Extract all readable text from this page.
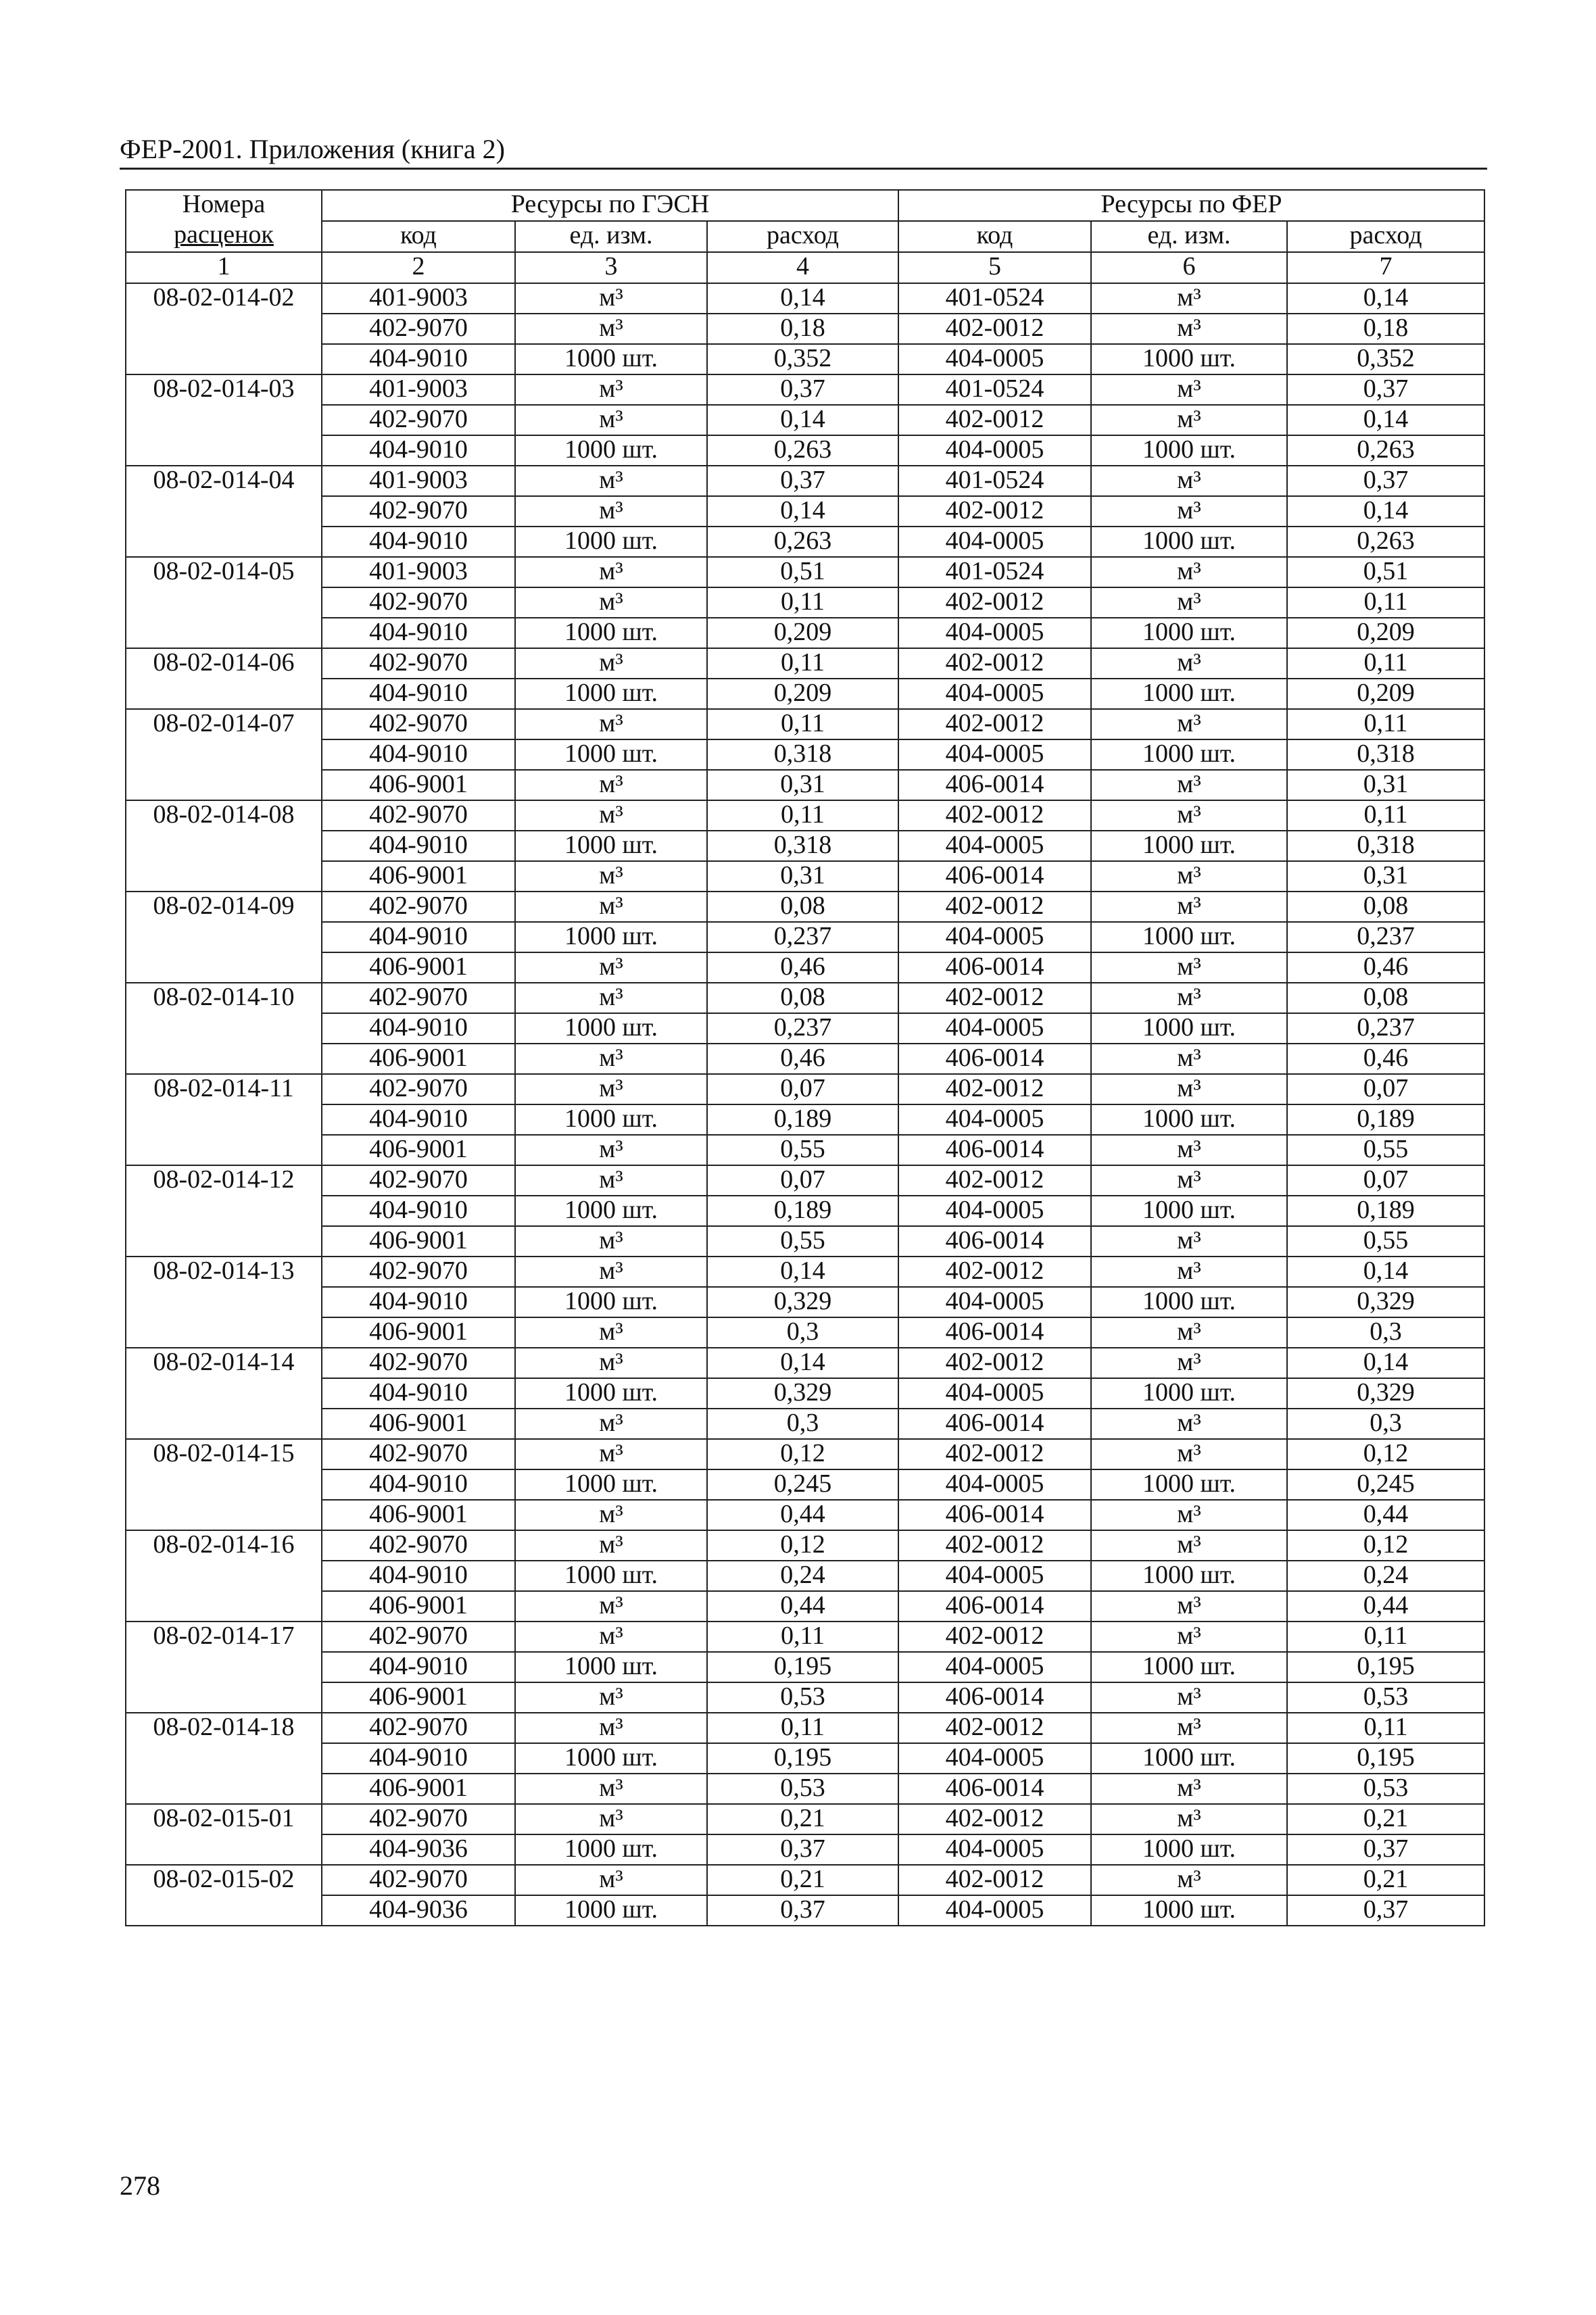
ФЕР-2001. Приложения (книга 2)
Номера	Ресурсы по ГЭСН			Ресурсы по ФЕР		
расценок	код	ед. изм.	расход	код	ед. изм.	расход
1	2	3	4	5	6	7
08-02-014-02	401-9003	м³	0,14	401-0524	м³	0,14
	402-9070	м³	0,18	402-0012	м³	0,18
	404-9010	1000 шт.	0,352	404-0005	1000 шт.	0,352
08-02-014-03	401-9003	м³	0,37	401-0524	м³	0,37
	402-9070	м³	0,14	402-0012	м³	0,14
	404-9010	1000 шт.	0,263	404-0005	1000 шт.	0,263
08-02-014-04	401-9003	м³	0,37	401-0524	м³	0,37
	402-9070	м³	0,14	402-0012	м³	0,14
	404-9010	1000 шт.	0,263	404-0005	1000 шт.	0,263
08-02-014-05	401-9003	м³	0,51	401-0524	м³	0,51
	402-9070	м³	0,11	402-0012	м³	0,11
	404-9010	1000 шт.	0,209	404-0005	1000 шт.	0,209
08-02-014-06	402-9070	м³	0,11	402-0012	м³	0,11
	404-9010	1000 шт.	0,209	404-0005	1000 шт.	0,209
08-02-014-07	402-9070	м³	0,11	402-0012	м³	0,11
	404-9010	1000 шт.	0,318	404-0005	1000 шт.	0,318
	406-9001	м³	0,31	406-0014	м³	0,31
08-02-014-08	402-9070	м³	0,11	402-0012	м³	0,11
	404-9010	1000 шт.	0,318	404-0005	1000 шт.	0,318
	406-9001	м³	0,31	406-0014	м³	0,31
08-02-014-09	402-9070	м³	0,08	402-0012	м³	0,08
	404-9010	1000 шт.	0,237	404-0005	1000 шт.	0,237
	406-9001	м³	0,46	406-0014	м³	0,46
08-02-014-10	402-9070	м³	0,08	402-0012	м³	0,08
	404-9010	1000 шт.	0,237	404-0005	1000 шт.	0,237
	406-9001	м³	0,46	406-0014	м³	0,46
08-02-014-11	402-9070	м³	0,07	402-0012	м³	0,07
	404-9010	1000 шт.	0,189	404-0005	1000 шт.	0,189
	406-9001	м³	0,55	406-0014	м³	0,55
08-02-014-12	402-9070	м³	0,07	402-0012	м³	0,07
	404-9010	1000 шт.	0,189	404-0005	1000 шт.	0,189
	406-9001	м³	0,55	406-0014	м³	0,55
08-02-014-13	402-9070	м³	0,14	402-0012	м³	0,14
	404-9010	1000 шт.	0,329	404-0005	1000 шт.	0,329
	406-9001	м³	0,3	406-0014	м³	0,3
08-02-014-14	402-9070	м³	0,14	402-0012	м³	0,14
	404-9010	1000 шт.	0,329	404-0005	1000 шт.	0,329
	406-9001	м³	0,3	406-0014	м³	0,3
08-02-014-15	402-9070	м³	0,12	402-0012	м³	0,12
	404-9010	1000 шт.	0,245	404-0005	1000 шт.	0,245
	406-9001	м³	0,44	406-0014	м³	0,44
08-02-014-16	402-9070	м³	0,12	402-0012	м³	0,12
	404-9010	1000 шт.	0,24	404-0005	1000 шт.	0,24
	406-9001	м³	0,44	406-0014	м³	0,44
08-02-014-17	402-9070	м³	0,11	402-0012	м³	0,11
	404-9010	1000 шт.	0,195	404-0005	1000 шт.	0,195
	406-9001	м³	0,53	406-0014	м³	0,53
08-02-014-18	402-9070	м³	0,11	402-0012	м³	0,11
	404-9010	1000 шт.	0,195	404-0005	1000 шт.	0,195
	406-9001	м³	0,53	406-0014	м³	0,53
08-02-015-01	402-9070	м³	0,21	402-0012	м³	0,21
	404-9036	1000 шт.	0,37	404-0005	1000 шт.	0,37
08-02-015-02	402-9070	м³	0,21	402-0012	м³	0,21
	404-9036	1000 шт.	0,37	404-0005	1000 шт.	0,37
278
